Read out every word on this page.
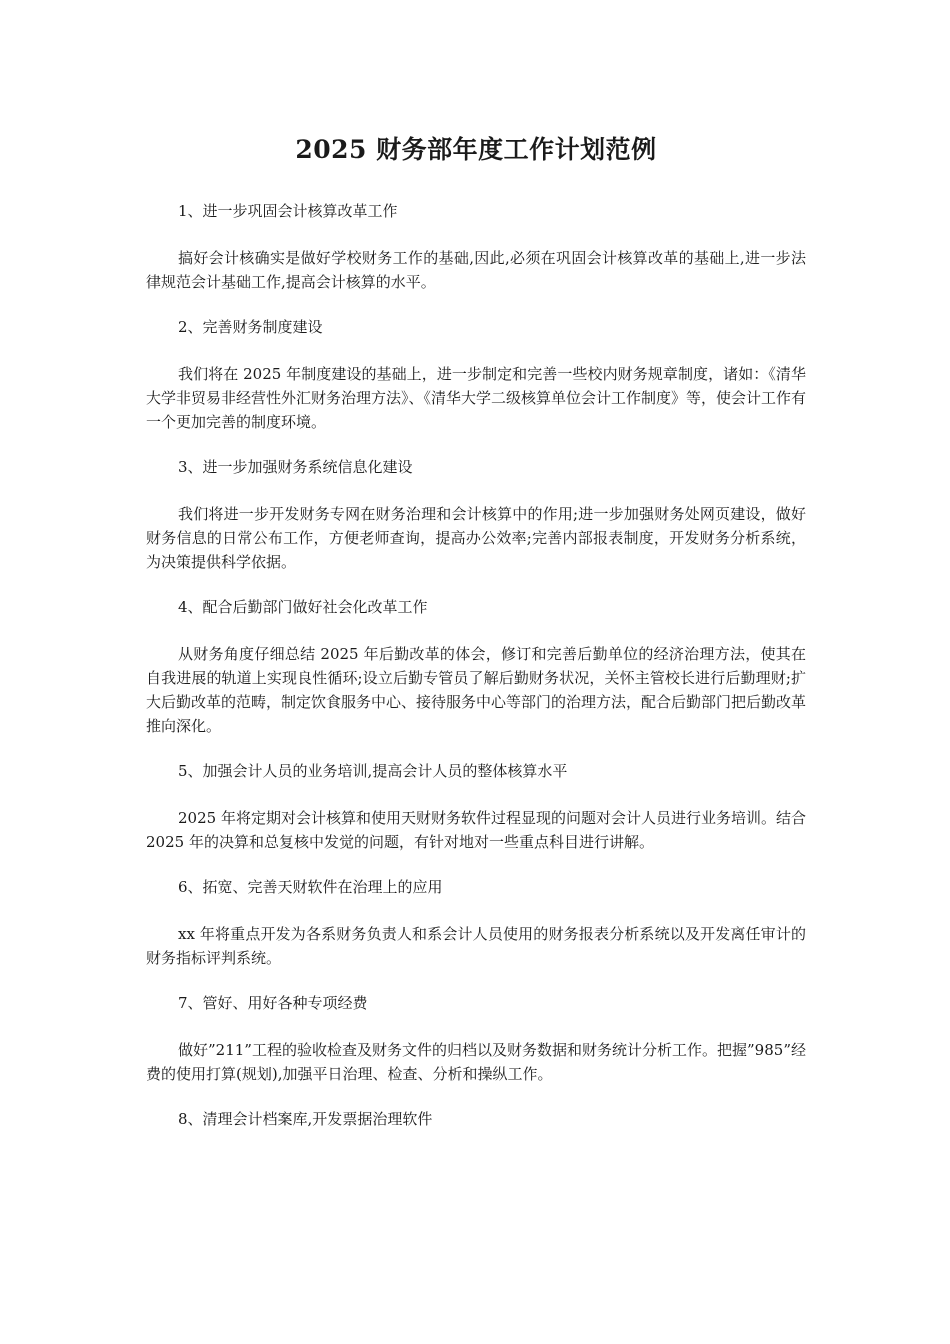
2025 财务部年度工作计划范例

1、进一步巩固会计核算改革工作

搞好会计核确实是做好学校财务工作的基础,因此,必须在巩固会计核算改革的基础上,进一步法律规范会计基础工作,提高会计核算的水平。

2、完善财务制度建设

我们将在 2025 年制度建设的基础上，进一步制定和完善一些校内财务规章制度，诸如：《清华大学非贸易非经营性外汇财务治理方法》、《清华大学二级核算单位会计工作制度》等，使会计工作有一个更加完善的制度环境。

3、进一步加强财务系统信息化建设

我们将进一步开发财务专网在财务治理和会计核算中的作用;进一步加强财务处网页建设，做好财务信息的日常公布工作，方便老师查询，提高办公效率;完善内部报表制度，开发财务分析系统，为决策提供科学依据。

4、配合后勤部门做好社会化改革工作

从财务角度仔细总结 2025 年后勤改革的体会，修订和完善后勤单位的经济治理方法，使其在自我进展的轨道上实现良性循环;设立后勤专管员了解后勤财务状况，关怀主管校长进行后勤理财;扩大后勤改革的范畴，制定饮食服务中心、接待服务中心等部门的治理方法，配合后勤部门把后勤改革推向深化。

5、加强会计人员的业务培训,提高会计人员的整体核算水平

2025 年将定期对会计核算和使用天财财务软件过程显现的问题对会计人员进行业务培训。结合 2025 年的决算和总复核中发觉的问题，有针对地对一些重点科目进行讲解。

6、拓宽、完善天财软件在治理上的应用

xx 年将重点开发为各系财务负责人和系会计人员使用的财务报表分析系统以及开发离任审计的财务指标评判系统。

7、管好、用好各种专项经费

做好”211”工程的验收检查及财务文件的归档以及财务数据和财务统计分析工作。把握”985”经费的使用打算(规划),加强平日治理、检查、分析和操纵工作。

8、清理会计档案库,开发票据治理软件
